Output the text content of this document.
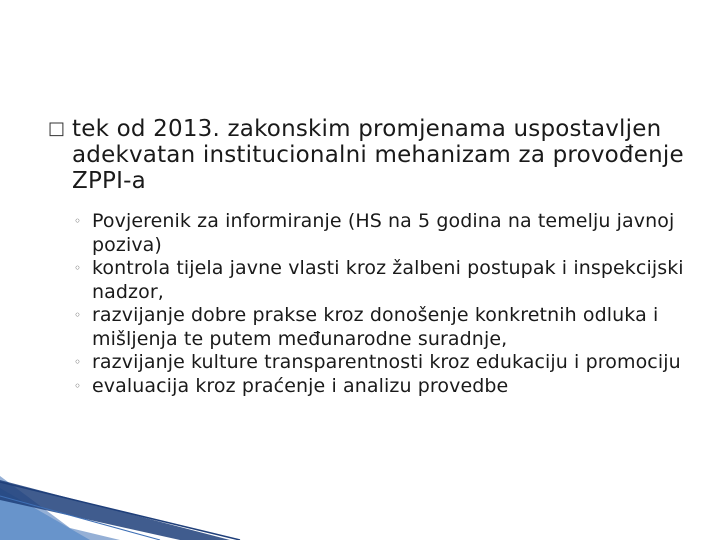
□ tek od 2013. zakonskim promjenama uspostavljen adekvatan institucionalni mehanizam za provođenje ZPPI-a
◦ Povjerenik za informiranje (HS na 5 godina na temelju javnoj poziva)
◦ kontrola tijela javne vlasti kroz žalbeni postupak i inspekcijski nadzor,
◦ razvijanje dobre prakse kroz donošenje konkretnih odluka i mišljenja te putem međunarodne suradnje,
◦ razvijanje kulture transparentnosti kroz edukaciju i promociju
◦ evaluacija kroz praćenje i analizu provedbe
